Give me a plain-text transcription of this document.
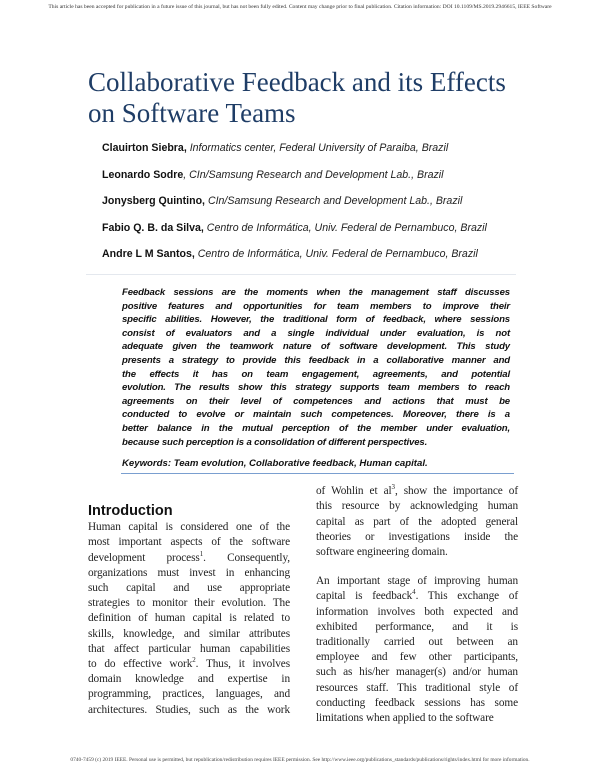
This article has been accepted for publication in a future issue of this journal, but has not been fully edited. Content may change prior to final publication. Citation information: DOI 10.1109/MS.2019.2946615, IEEE Software
Collaborative Feedback and its Effects
on Software Teams
Clauirton Siebra, Informatics center, Federal University of Paraiba, Brazil
Leonardo Sodre, CIn/Samsung Research and Development Lab., Brazil
Jonysberg Quintino, CIn/Samsung Research and Development Lab., Brazil
Fabio Q. B. da Silva, Centro de Informática, Univ. Federal de Pernambuco, Brazil
Andre L M Santos, Centro de Informática, Univ. Federal de Pernambuco, Brazil
Feedback sessions are the moments when the management staff discusses
positive features and opportunities for team members to improve their
specific abilities. However, the traditional form of feedback, where sessions
consist of evaluators and a single individual under evaluation, is not
adequate given the teamwork nature of software development. This study
presents a strategy to provide this feedback in a collaborative manner and
the effects it has on team engagement, agreements, and potential
evolution. The results show this strategy supports team members to reach
agreements on their level of competences and actions that must be
conducted to evolve or maintain such competences. Moreover, there is a
better balance in the mutual perception of the member under evaluation,
because such perception is a consolidation of different perspectives.
Keywords: Team evolution, Collaborative feedback, Human capital.
Introduction
Human capital is considered one of the
most important aspects of the software
development process$^1$. Consequently,
organizations must invest in enhancing
such capital and use appropriate
strategies to monitor their evolution. The
definition of human capital is related to
skills, knowledge, and similar attributes
that affect particular human capabilities
to do effective work$^2$. Thus, it involves
domain knowledge and expertise in
programming, practices, languages, and
architectures. Studies, such as the work
of Wohlin et $al^3$, show the importance of
this resource by acknowledging human
capital as part of the adopted general
theories or investigations inside the
software engineering domain.
An important stage of improving human
capital is feedback$^4$. This exchange of
information involves both expected and
exhibited performance, and it is
traditionally carried out between an
employee and few other participants,
such as his/her manager(s) and/or human
resources staff. This traditional style of
conducting feedback sessions has some
limitations when applied to the software
0740-7459 (c) 2019 IEEE. Personal use is permitted, but republication/redistribution requires IEEE permission. See http://www.ieee.org/publications_standards/publications/rights/index.html for more information.
